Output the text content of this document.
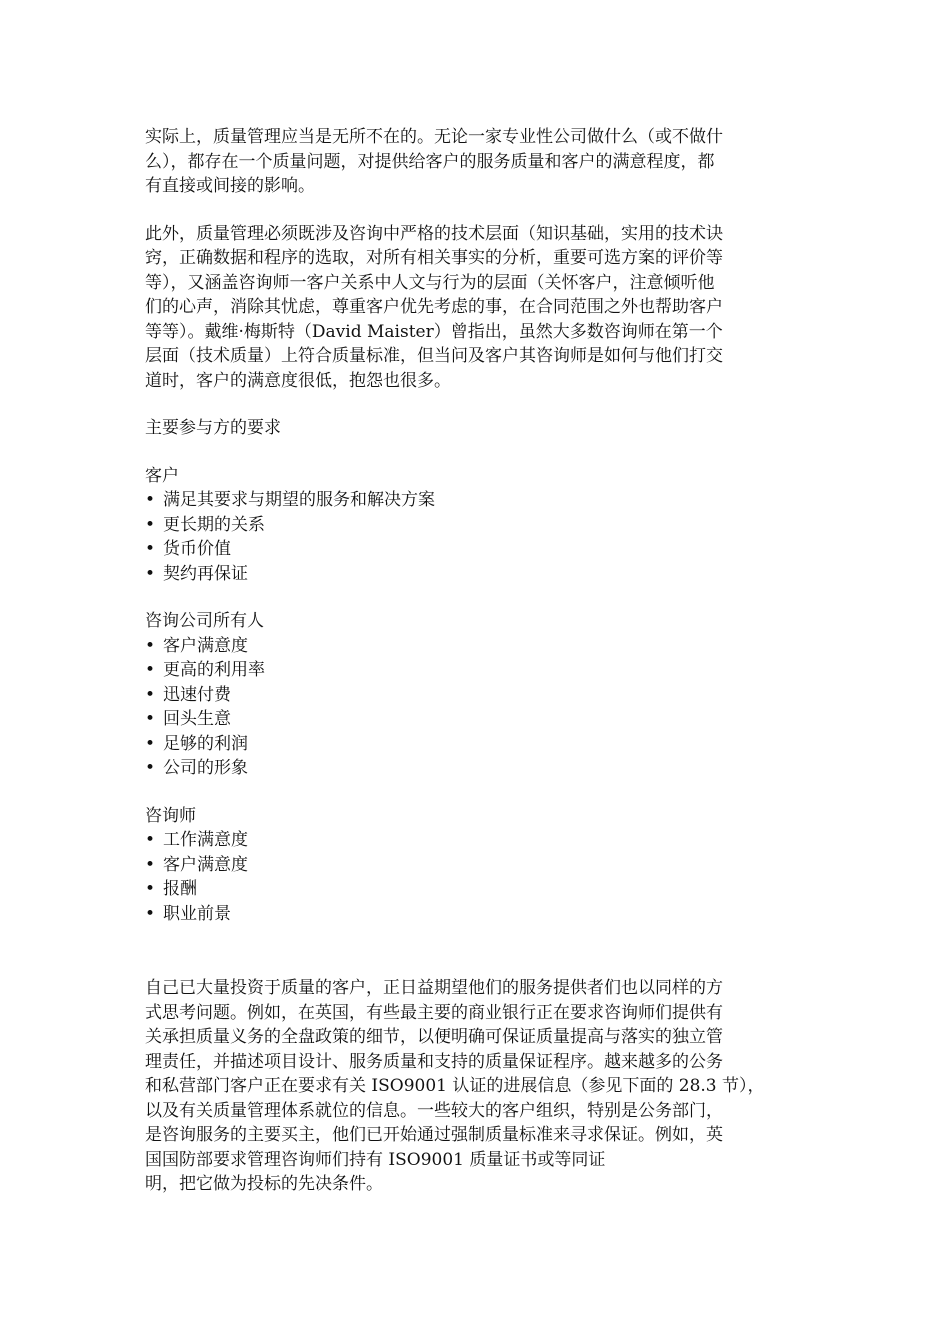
实际上，质量管理应当是无所不在的。无论一家专业性公司做什么（或不做什
么），都存在一个质量问题，对提供给客户的服务质量和客户的满意程度，都
有直接或间接的影响。

此外，质量管理必须既涉及咨询中严格的技术层面（知识基础，实用的技术诀
窍，正确数据和程序的选取，对所有相关事实的分析，重要可选方案的评价等
等），又涵盖咨询师一客户关系中人文与行为的层面（关怀客户，注意倾听他
们的心声，消除其忧虑，尊重客户优先考虑的事，在合同范围之外也帮助客户
等等）。戴维·梅斯特（David Maister）曾指出，虽然大多数咨询师在第一个
层面（技术质量）上符合质量标准，但当问及客户其咨询师是如何与他们打交
道时，客户的满意度很低，抱怨也很多。

主要参与方的要求

客户
• 满足其要求与期望的服务和解决方案
• 更长期的关系
• 货币价值
• 契约再保证
咨询公司所有人
• 客户满意度
• 更高的利用率
• 迅速付费
• 回头生意
• 足够的利润
• 公司的形象
咨询师
• 工作满意度
• 客户满意度
• 报酬
• 职业前景

自己已大量投资于质量的客户，正日益期望他们的服务提供者们也以同样的方
式思考问题。例如，在英国，有些最主要的商业银行正在要求咨询师们提供有
关承担质量义务的全盘政策的细节，以便明确可保证质量提高与落实的独立管
理责任，并描述项目设计、服务质量和支持的质量保证程序。越来越多的公务
和私营部门客户正在要求有关 ISO9001 认证的进展信息（参见下面的 28.3 节），
以及有关质量管理体系就位的信息。一些较大的客户组织，特别是公务部门，
是咨询服务的主要买主，他们已开始通过强制质量标准来寻求保证。例如，英
国国防部要求管理咨询师们持有 ISO9001 质量证书或等同证
明，把它做为投标的先决条件。
